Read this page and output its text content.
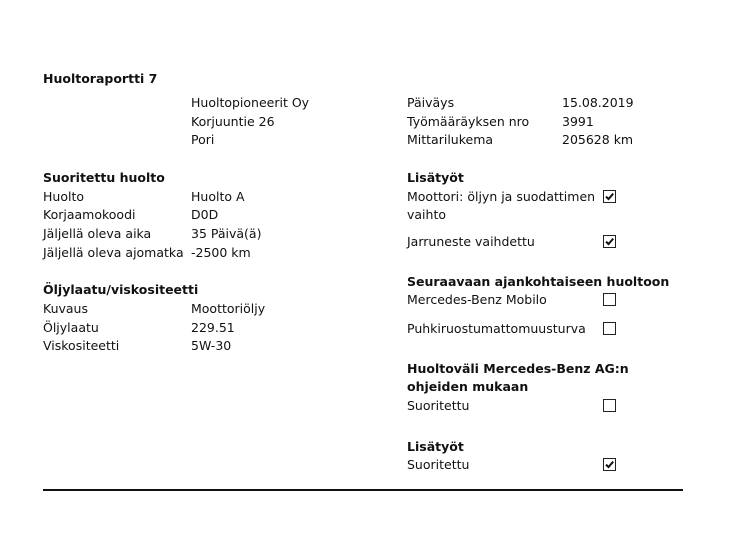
Huoltoraportti 7
Huoltopioneerit Oy
Korjuuntie 26
Pori
Päiväys	15.08.2019
Työmääräyksen nro	3991
Mittarilukema	205628 km
Suoritettu huolto
Huolto	Huolto A
Korjaamokoodi	D0D
Jäljellä oleva aika	35 Päivä(ä)
Jäljellä oleva ajomatka -2500 km
Öljylaatu/viskositeetti
Kuvaus	Moottoriöljy
Öljylaatu	229.51
Viskositeetti	5W-30
Lisätyöt
Moottori: öljyn ja suodattimen vaihto
Jarruneste vaihdettu
Seuraavaan ajankohtaiseen huoltoon
Mercedes-Benz Mobilo
Puhkiruostumattomuusturva
Huoltoväli Mercedes-Benz AG:n ohjeiden mukaan
Suoritettu
Lisätyöt
Suoritettu
